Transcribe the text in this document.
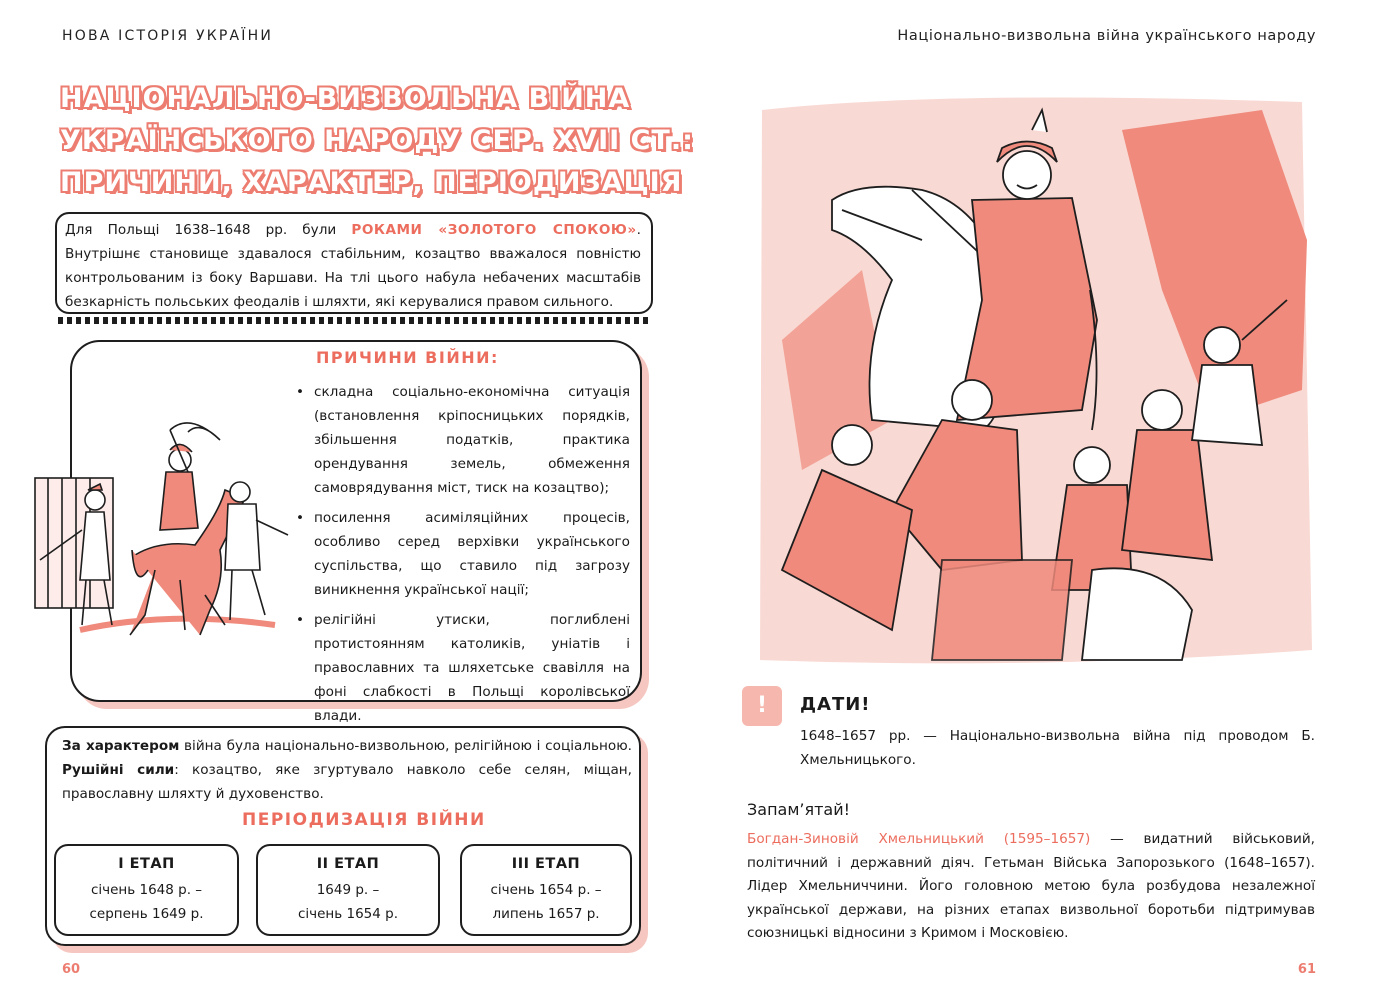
НОВА ІСТОРІЯ УКРАЇНИ
НАЦІОНАЛЬНО-ВИЗВОЛЬНА ВІЙНА
УКРАЇНСЬКОГО НАРОДУ СЕР. XVII СТ.:
ПРИЧИНИ, ХАРАКТЕР, ПЕРІОДИЗАЦІЯ

Для Польщі 1638–1648 рр. були РОКАМИ «ЗОЛОТОГО СПОКОЮ». Внутрішнє становище здавалося стабільним, козацтво вважалося повністю контрольованим із боку Варшави. На тлі цього набула небачених масштабів безкарність польських феодалів і шляхти, які керувалися правом сильного.

ПРИЧИНИ ВІЙНИ:
• складна соціально-економічна ситуація (встановлення кріпосницьких порядків, збільшення податків, практика орендування земель, обмеження самоврядування міст, тиск на козацтво);
• посилення асиміляційних процесів, особливо серед верхівки українського суспільства, що ставило під загрозу виникнення української нації;
• релігійні утиски, поглиблені протистоянням католиків, уніатів і православних та шляхетське свавілля на фоні слабкості в Польщі королівської влади.

За характером війна була національно-визвольною, релігійною і соціальною. Рушійні сили: козацтво, яке згуртувало навколо себе селян, міщан, православну шляхту й духовенство.

ПЕРІОДИЗАЦІЯ ВІЙНИ
I ЕТАП
січень 1648 р. –
серпень 1649 р.
II ЕТАП
1649 р. –
січень 1654 р.
III ЕТАП
січень 1654 р. –
липень 1657 р.
60
Національно-визвольна війна українського народу
!	ДАТИ!

1648–1657 рр. — Національно-визвольна війна під проводом Б. Хмельницького.

Запам’ятай!

Богдан-Зиновій Хмельницький (1595–1657) — видатний військовий, політичний і державний діяч. Гетьман Війська Запорозького (1648–1657). Лідер Хмельниччини. Його головною метою була розбудова незалежної української держави, на різних етапах визвольної боротьби підтримував союзницькі відносини з Кримом і Московією.

61
